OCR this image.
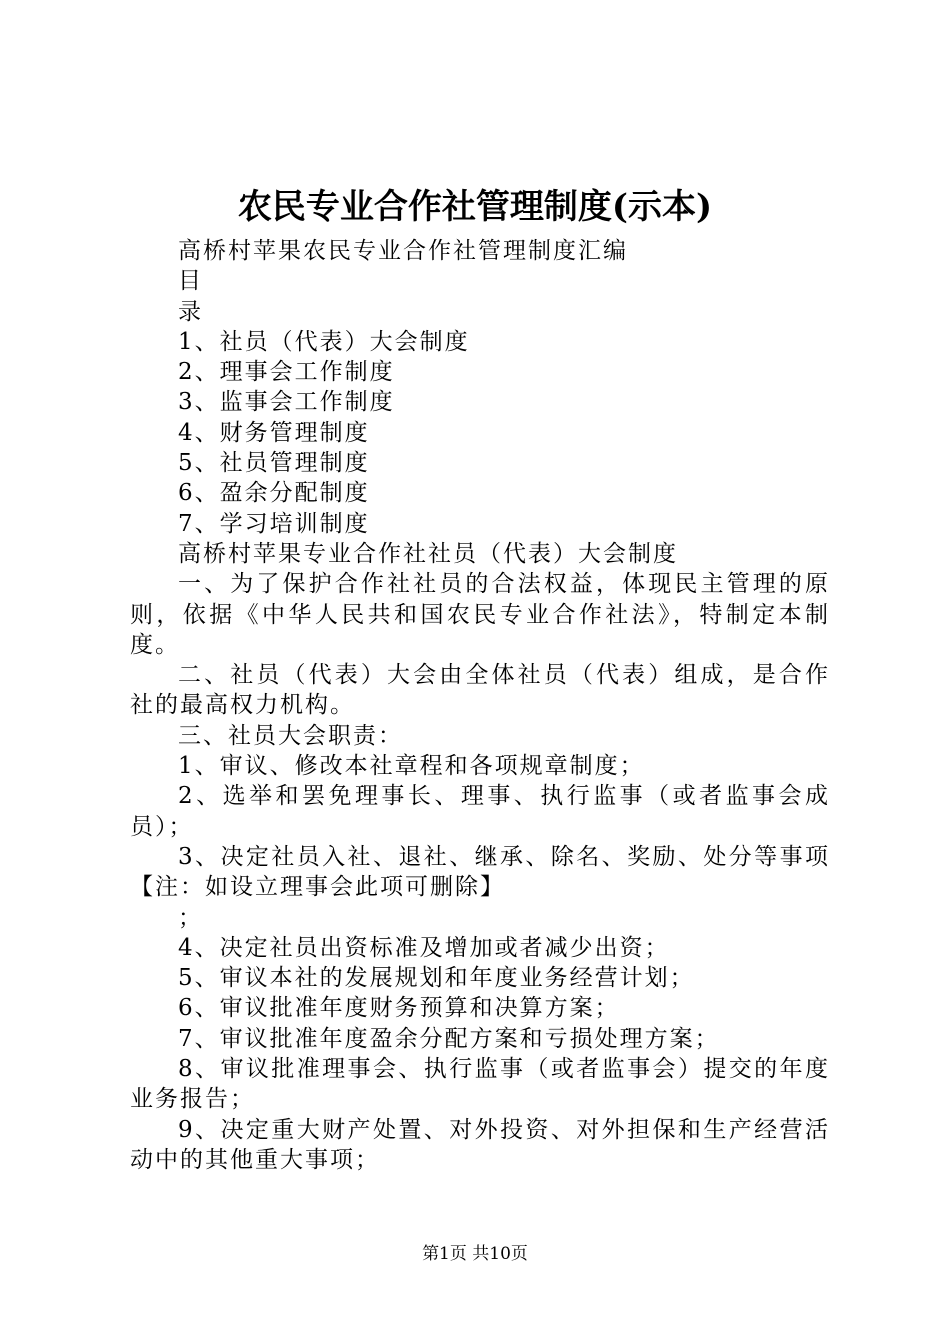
农民专业合作社管理制度(示本)
高桥村苹果农民专业合作社管理制度汇编
目
录
1、社员（代表）大会制度
2、理事会工作制度
3、监事会工作制度
4、财务管理制度
5、社员管理制度
6、盈余分配制度
7、学习培训制度
高桥村苹果专业合作社社员（代表）大会制度
一、为了保护合作社社员的合法权益，体现民主管理的原
则，依据《中华人民共和国农民专业合作社法》，特制定本制
度。
二、社员（代表）大会由全体社员（代表）组成，是合作
社的最高权力机构。
三、社员大会职责：
1、审议、修改本社章程和各项规章制度；
2、选举和罢免理事长、理事、执行监事（或者监事会成
员）；
3、决定社员入社、退社、继承、除名、奖励、处分等事项
【注：如设立理事会此项可删除】
；
4、决定社员出资标准及增加或者减少出资；
5、审议本社的发展规划和年度业务经营计划；
6、审议批准年度财务预算和决算方案；
7、审议批准年度盈余分配方案和亏损处理方案；
8、审议批准理事会、执行监事（或者监事会）提交的年度
业务报告；
9、决定重大财产处置、对外投资、对外担保和生产经营活
动中的其他重大事项；
第1页 共10页
